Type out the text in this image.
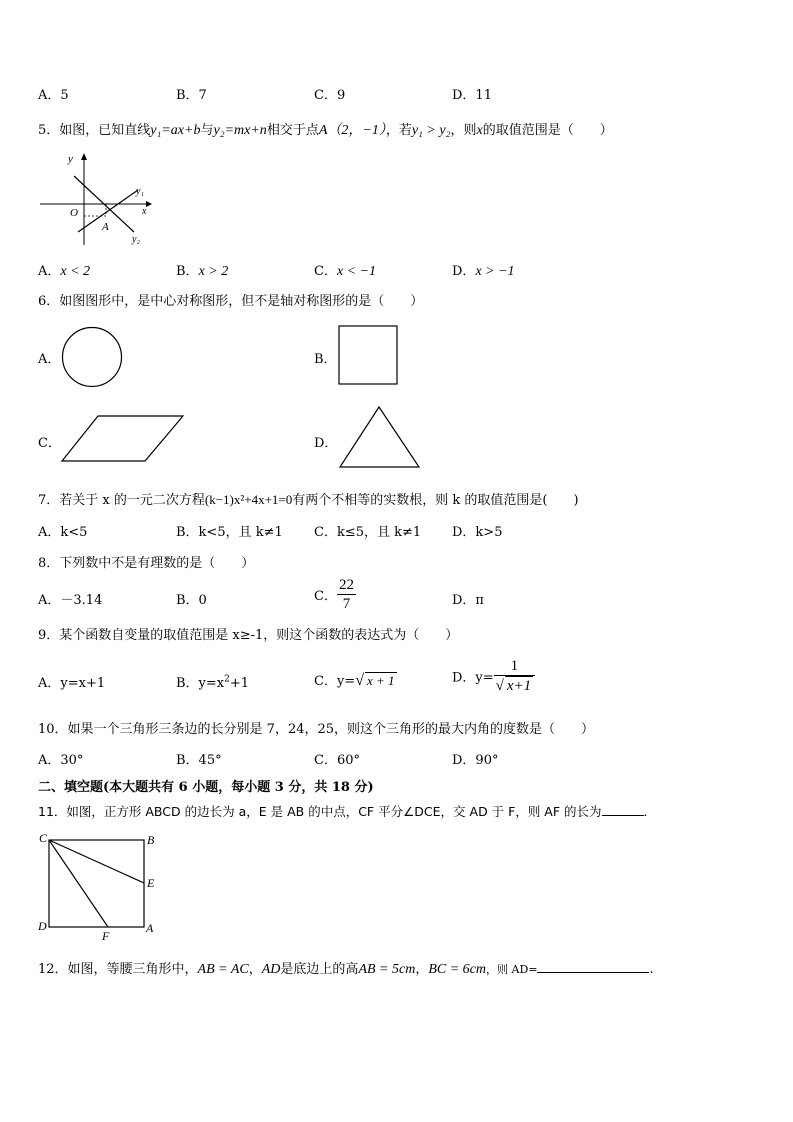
A．5	B．7	C．9	D．11
5．如图，已知直线y₁=ax+b与y₂=mx+n相交于点A（2，−1），若y₁ > y₂，则x的取值范围是（　　）
y
x
O
A
y₁
y₂
A．x < 2	B．x > 2	C．x < −1	D．x > −1
6．如图图形中，是中心对称图形，但不是轴对称图形的是（　　）
A．	B．
C．	D．
7．若关于 x 的一元二次方程(k−1)x²+4x+1=0有两个不相等的实数根，则 k 的取值范围是(　　)
A．k<5	B．k<5，且 k≠1 C．k≤5，且 k≠1 D．k>5
8．下列数中不是有理数的是（　　）
A．－3.14	B．0	C． $\frac{22}{7}$	D．π
9．某个函数自变量的取值范围是 x≥-1，则这个函数的表达式为（　　）
A．y=x+1	B．$y=x^2+1$	C．y=√ x + 1	D．$y= \frac{1}{√ x+1}$
10．如果一个三角形三条边的长分别是 7，24，25，则这个三角形的最大内角的度数是（　　）
A．30°	B．45°	C．60°	D．90°
二、填空题(本大题共有 6 小题，每小题 3 分，共 18 分)
11．如图，正方形 ABCD 的边长为 a，E 是 AB 的中点，CF 平分∠DCE，交 AD 于 F，则 AF 的长为	.
C	B
E
D
F
A
12．如图，等腰三角形中，AB = AC，AD是底边上的高AB = 5cm，BC = 6cm，则 AD=	.
